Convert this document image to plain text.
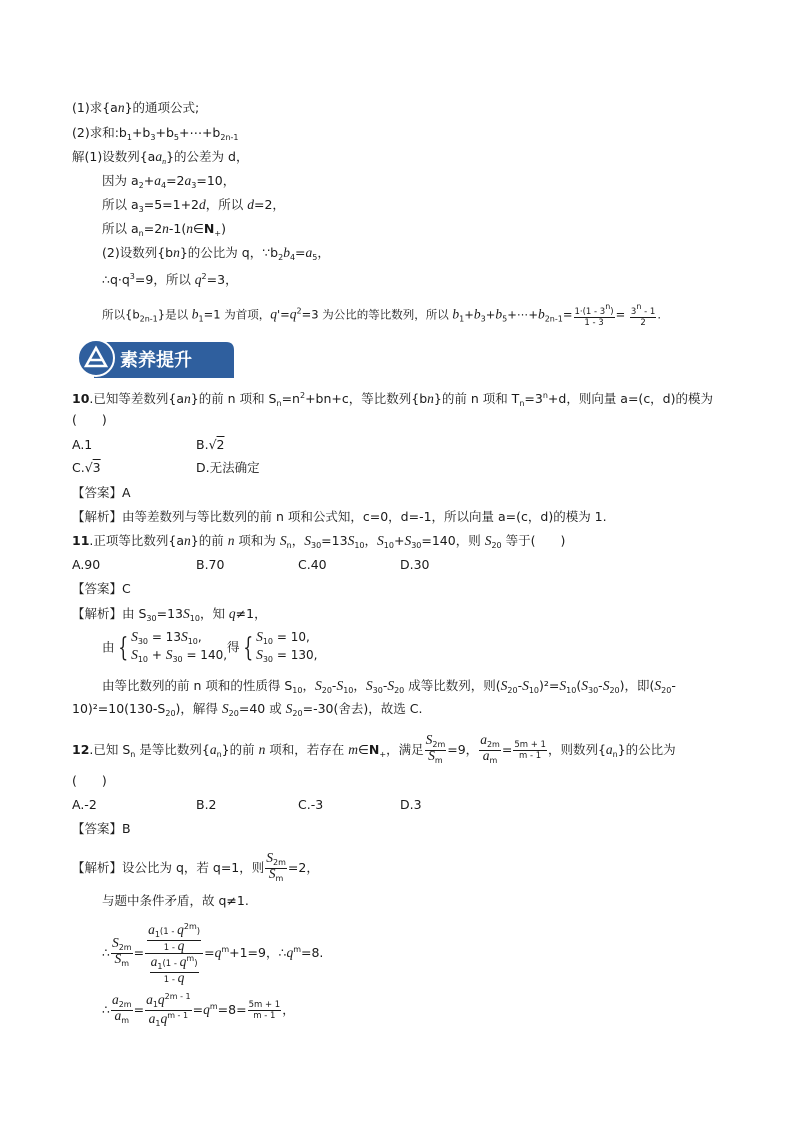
(1)求{an}的通项公式;
(2)求和$:b_1+b_3+b_5+\cdots+b_{2n-1}$
解(1)设数列$\{aa_n\}$的公差为 d，
因为 $a_2+a_4=2a_3=10$，
所以 $a_3=5=1+2d$，所以 d=2，
所以 $a_n=2n-1(n\in N_+)$
(2)设数列{bn}的公比为 q，$\because b_2b_4=a_5$，
$\therefore q\cdot q^3=9$，所以 $q^2=3$，
所以$\{b_{2n-1}\}$是以 $b_1=1$ 为首项，$q'=q^2=3$ 为公比的等比数列，所以 $b_1+b_3+b_5+\cdots+b_{2n-1}= \frac{1\cdot(1 - 3^n)}{1 - 3} = \frac{3^n - 1}{2}$ .
素养提升
10.已知等差数列{an}的前 n 项和 $S_n=n^2+bn+c$，等比数列{bn}的前 n 项和 $T_n=3^n+d$，则向量 a=(c，d)的模为
(　　)
A.1	B.√2
C.√3	D.无法确定
【答案】A
【解析】由等差数列与等比数列的前 n 项和公式知，c=0，d=-1，所以向量 a=(c，d)的模为 1.
11.正项等比数列{an}的前 n 项和为 $S_n$，$S_{30}=13S_{10}$，$S_{10}+S_{30}=140$，则 $S_{20}$ 等于(　　)
A.90	B.70	C.40	D.30
【答案】C
【解析】由 $S_{30}=13S_{10}$，知 q≠1，
由 { $S_{30} = 13S_{10}$,
$S_{10} + S_{30} = 140$,
得 { $S_{10} = 10$,
$S_{30} = 130$,
由等比数列的前 n 项和的性质得 $S_{10}$，$S_{20}-S_{10}$，$S_{30}-S_{20}$ 成等比数列，则$(S_{20}-S_{10})^2=S_{10}(S_{30}-S_{20})$，即($S_{20}-$
$10)^2=10(130-S_{20})$，解得 $S_{20}=40$ 或 $S_{20}=-30$(舍去)，故选 C.
12.已知 $S_n$ 是等比数列$\{a_n\}$的前 n 项和，若存在 $m\in N_+$，满足 $\frac{S_{2m}}{S_m} =9$， $\frac{a_{2m}}{a_m} = \frac{5m + 1}{m - 1}$ ，则数列$\{a_n\}$的公比为
(　　)
A.-2	B.2	C.-3	D.3
【答案】B
【解析】设公比为 q，若 q=1，则 $\frac{S_{2m}}{S_m} =2$，
与题中条件矛盾，故 q≠1.
∴ $\frac{S_{2m}}{S_m} = \frac{\frac{a_1(1 - q^{2m})}{1 - q}}{\frac{a_1(1 - q^m)}{1 - q}} =q^m+1=9$，$\therefore q^m=8$.
∴ $\frac{a_{2m}}{a_m} = \frac{a_1q^{2m - 1}}{a_1q^{m - 1}} =q^m=8= \frac{5m + 1}{m - 1}$ ，
